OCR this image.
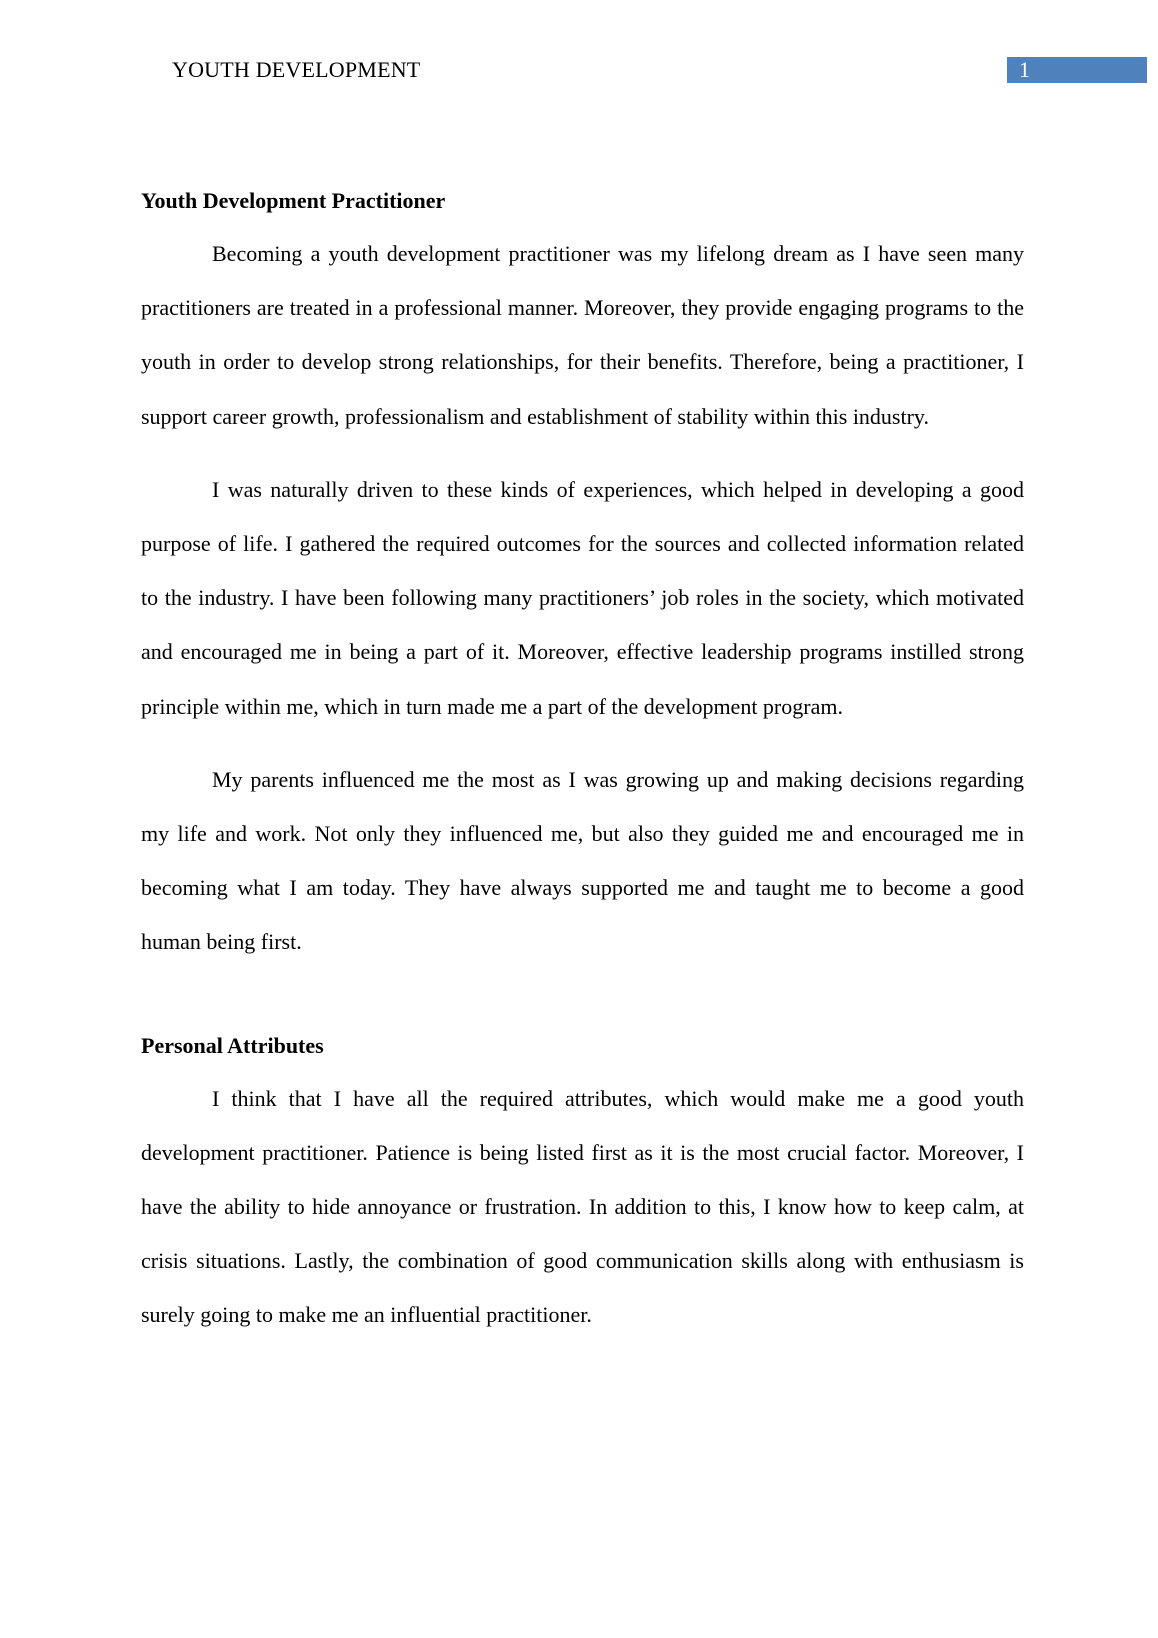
YOUTH DEVELOPMENT	1
Youth Development Practitioner

Becoming a youth development practitioner was my lifelong dream as I have seen many practitioners are treated in a professional manner. Moreover, they provide engaging programs to the youth in order to develop strong relationships, for their benefits. Therefore, being a practitioner, I support career growth, professionalism and establishment of stability within this industry.

I was naturally driven to these kinds of experiences, which helped in developing a good purpose of life. I gathered the required outcomes for the sources and collected information related to the industry. I have been following many practitioners’ job roles in the society, which motivated and encouraged me in being a part of it. Moreover, effective leadership programs instilled strong principle within me, which in turn made me a part of the development program.

My parents influenced me the most as I was growing up and making decisions regarding my life and work. Not only they influenced me, but also they guided me and encouraged me in becoming what I am today. They have always supported me and taught me to become a good human being first.

Personal Attributes

I think that I have all the required attributes, which would make me a good youth development practitioner. Patience is being listed first as it is the most crucial factor. Moreover, I have the ability to hide annoyance or frustration. In addition to this, I know how to keep calm, at crisis situations. Lastly, the combination of good communication skills along with enthusiasm is surely going to make me an influential practitioner.
